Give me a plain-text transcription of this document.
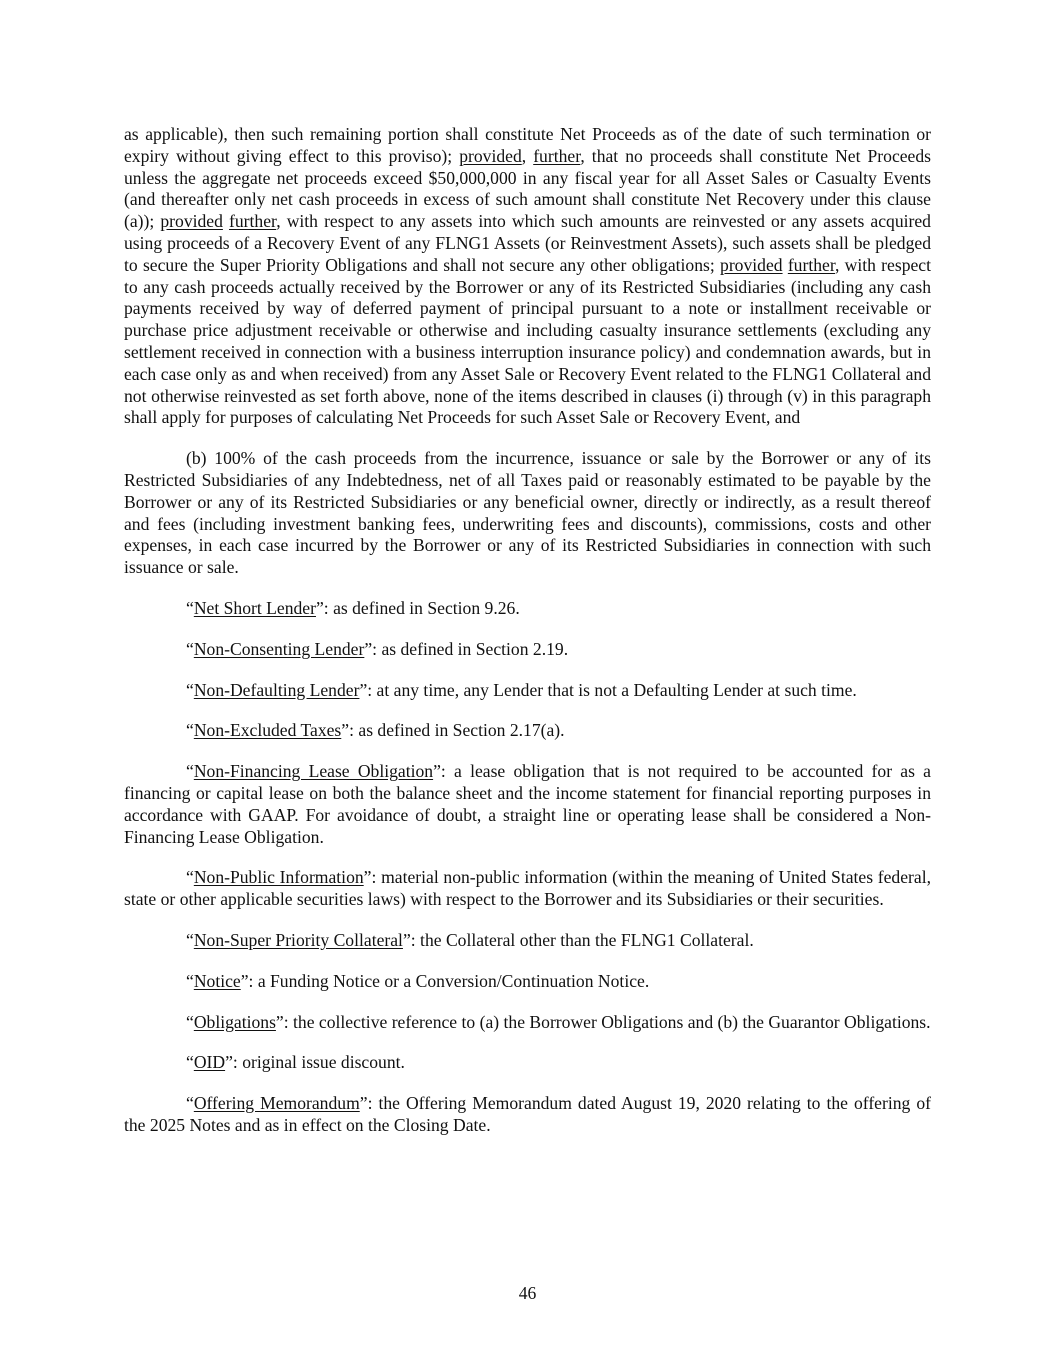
as applicable), then such remaining portion shall constitute Net Proceeds as of the date of such termination or expiry without giving effect to this proviso); provided, further, that no proceeds shall constitute Net Proceeds unless the aggregate net proceeds exceed $50,000,000 in any fiscal year for all Asset Sales or Casualty Events (and thereafter only net cash proceeds in excess of such amount shall constitute Net Recovery under this clause (a)); provided further, with respect to any assets into which such amounts are reinvested or any assets acquired using proceeds of a Recovery Event of any FLNG1 Assets (or Reinvestment Assets), such assets shall be pledged to secure the Super Priority Obligations and shall not secure any other obligations; provided further, with respect to any cash proceeds actually received by the Borrower or any of its Restricted Subsidiaries (including any cash payments received by way of deferred payment of principal pursuant to a note or installment receivable or purchase price adjustment receivable or otherwise and including casualty insurance settlements (excluding any settlement received in connection with a business interruption insurance policy) and condemnation awards, but in each case only as and when received) from any Asset Sale or Recovery Event related to the FLNG1 Collateral and not otherwise reinvested as set forth above, none of the items described in clauses (i) through (v) in this paragraph shall apply for purposes of calculating Net Proceeds for such Asset Sale or Recovery Event, and

(b) 100% of the cash proceeds from the incurrence, issuance or sale by the Borrower or any of its Restricted Subsidiaries of any Indebtedness, net of all Taxes paid or reasonably estimated to be payable by the Borrower or any of its Restricted Subsidiaries or any beneficial owner, directly or indirectly, as a result thereof and fees (including investment banking fees, underwriting fees and discounts), commissions, costs and other expenses, in each case incurred by the Borrower or any of its Restricted Subsidiaries in connection with such issuance or sale.

“Net Short Lender”: as defined in Section 9.26.

“Non-Consenting Lender”: as defined in Section 2.19.

“Non-Defaulting Lender”: at any time, any Lender that is not a Defaulting Lender at such time.

“Non-Excluded Taxes”: as defined in Section 2.17(a).

“Non-Financing Lease Obligation”: a lease obligation that is not required to be accounted for as a financing or capital lease on both the balance sheet and the income statement for financial reporting purposes in accordance with GAAP. For avoidance of doubt, a straight line or operating lease shall be considered a Non-Financing Lease Obligation.

“Non-Public Information”: material non-public information (within the meaning of United States federal, state or other applicable securities laws) with respect to the Borrower and its Subsidiaries or their securities.

“Non-Super Priority Collateral”: the Collateral other than the FLNG1 Collateral.

“Notice”: a Funding Notice or a Conversion/Continuation Notice.

“Obligations”: the collective reference to (a) the Borrower Obligations and (b) the Guarantor Obligations.

“OID”: original issue discount.

“Offering Memorandum”: the Offering Memorandum dated August 19, 2020 relating to the offering of the 2025 Notes and as in effect on the Closing Date.

46
